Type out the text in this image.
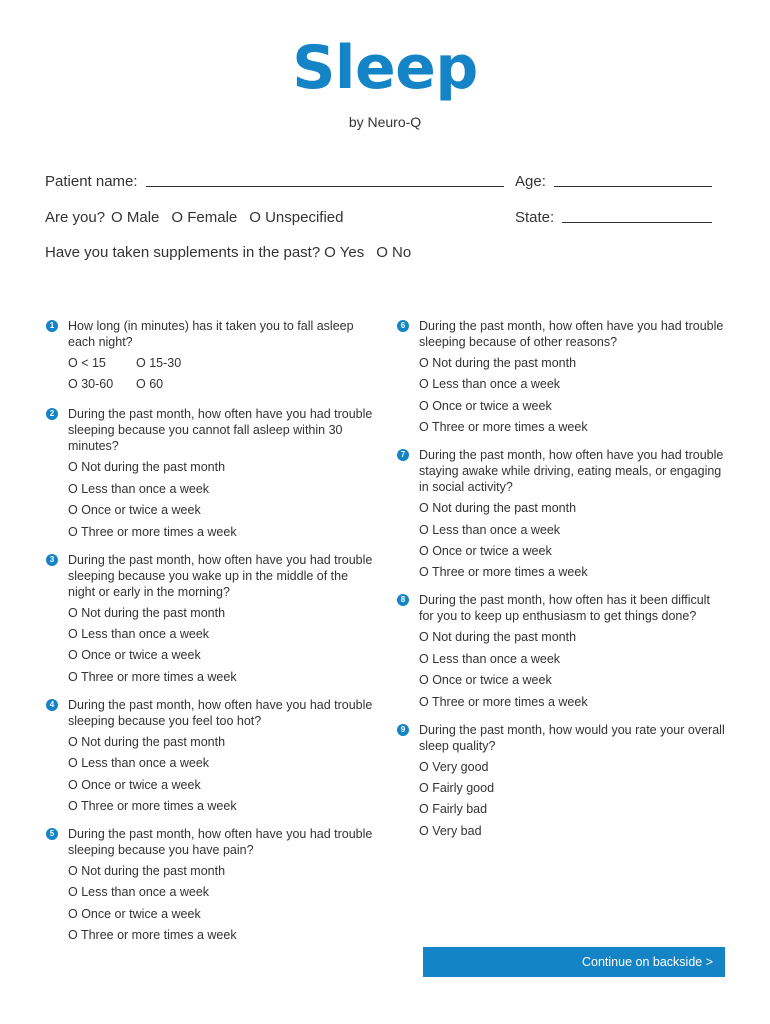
Sleep
by Neuro-Q
Patient name:	Age:
Are you? O Male O Female O Unspecified	State:
Have you taken supplements in the past? O Yes O No
1	How long (in minutes) has it taken you to fall asleep each night?
O < 15	O 15-30
O 30-60	O 60
2	During the past month, how often have you had trouble sleeping because you cannot fall asleep within 30 minutes?
O Not during the past month
O Less than once a week
O Once or twice a week
O Three or more times a week
3	During the past month, how often have you had trouble sleeping because you wake up in the middle of the night or early in the morning?
O Not during the past month
O Less than once a week
O Once or twice a week
O Three or more times a week
4	During the past month, how often have you had trouble sleeping because you feel too hot?
O Not during the past month
O Less than once a week
O Once or twice a week
O Three or more times a week
5	During the past month, how often have you had trouble sleeping because you have pain?
O Not during the past month
O Less than once a week
O Once or twice a week
O Three or more times a week
6	During the past month, how often have you had trouble sleeping because of other reasons?
O Not during the past month
O Less than once a week
O Once or twice a week
O Three or more times a week
7	During the past month, how often have you had trouble staying awake while driving, eating meals, or engaging in social activity?
O Not during the past month
O Less than once a week
O Once or twice a week
O Three or more times a week
8	During the past month, how often has it been difficult for you to keep up enthusiasm to get things done?
O Not during the past month
O Less than once a week
O Once or twice a week
O Three or more times a week
9	During the past month, how would you rate your overall sleep quality?
O Very good
O Fairly good
O Fairly bad
O Very bad
Continue on backside >
